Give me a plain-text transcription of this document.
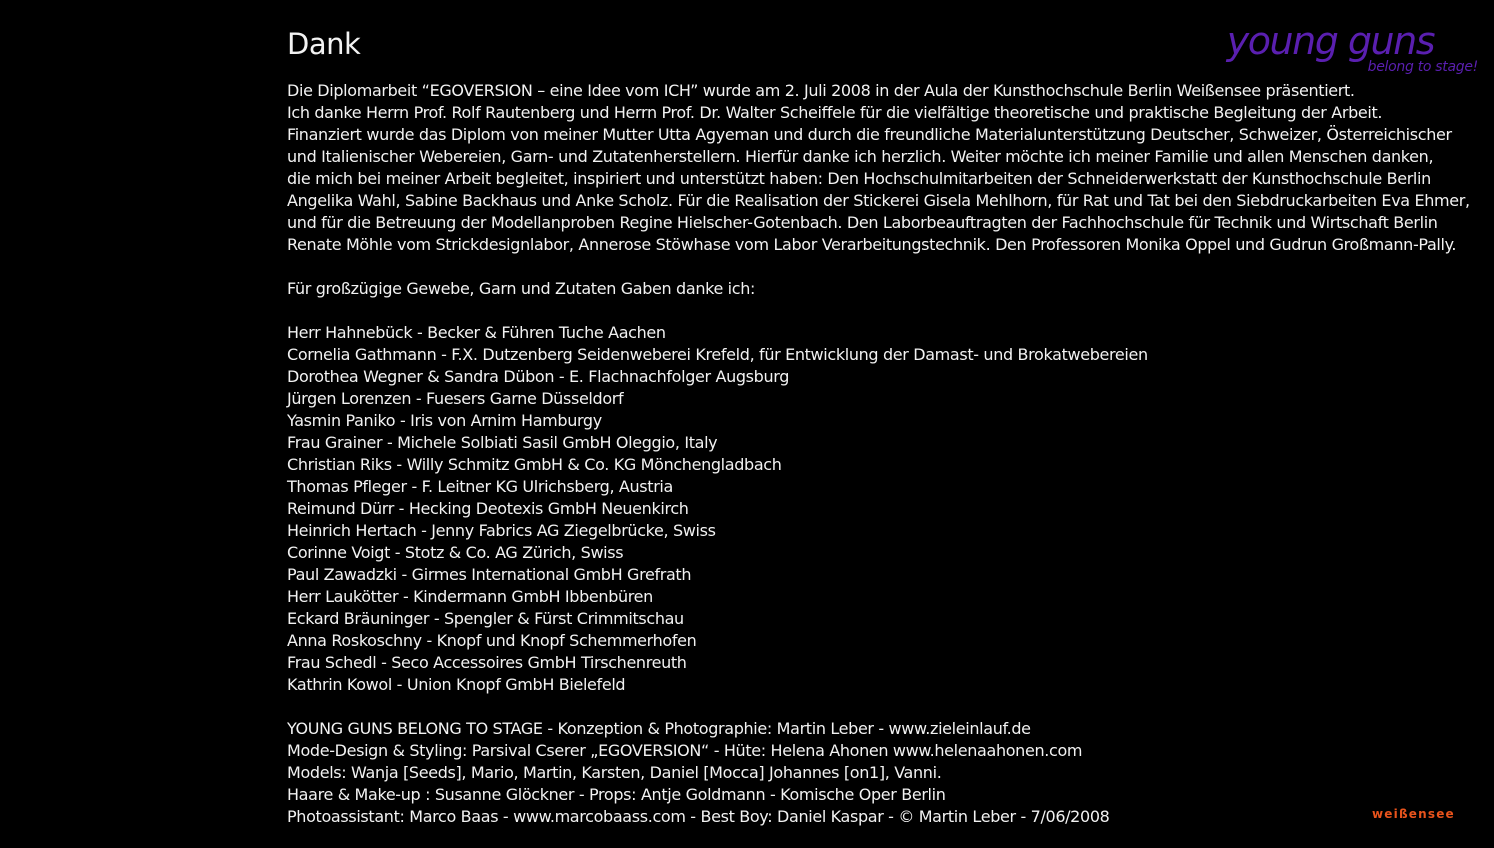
Dank	young guns
belong to stage!
Die Diplomarbeit “EGOVERSION – eine Idee vom ICH” wurde am 2. Juli 2008 in der Aula der Kunsthochschule Berlin Weißensee präsentiert.
Ich danke Herrn Prof. Rolf Rautenberg und Herrn Prof. Dr. Walter Scheiffele für die vielfältige theoretische und praktische Begleitung der Arbeit.
Finanziert wurde das Diplom von meiner Mutter Utta Agyeman und durch die freundliche Materialunterstützung Deutscher, Schweizer, Österreichischer
und Italienischer Webereien, Garn- und Zutatenherstellern. Hierfür danke ich herzlich. Weiter möchte ich meiner Familie und allen Menschen danken,
die mich bei meiner Arbeit begleitet, inspiriert und unterstützt haben: Den Hochschulmitarbeiten der Schneiderwerkstatt der Kunsthochschule Berlin
Angelika Wahl, Sabine Backhaus und Anke Scholz. Für die Realisation der Stickerei Gisela Mehlhorn, für Rat und Tat bei den Siebdruckarbeiten Eva Ehmer,
und für die Betreuung der Modellanproben Regine Hielscher-Gotenbach. Den Laborbeauftragten der Fachhochschule für Technik und Wirtschaft Berlin
Renate Möhle vom Strickdesignlabor, Annerose Stöwhase vom Labor Verarbeitungstechnik. Den Professoren Monika Oppel und Gudrun Großmann-Pally.
Für großzügige Gewebe, Garn und Zutaten Gaben danke ich:
Herr Hahnebück - Becker & Führen Tuche Aachen
Cornelia Gathmann - F.X. Dutzenberg Seidenweberei Krefeld, für Entwicklung der Damast- und Brokatwebereien
Dorothea Wegner & Sandra Dübon - E. Flachnachfolger Augsburg
Jürgen Lorenzen - Fuesers Garne Düsseldorf
Yasmin Paniko - Iris von Arnim Hamburgy
Frau Grainer - Michele Solbiati Sasil GmbH Oleggio, Italy
Christian Riks - Willy Schmitz GmbH & Co. KG Mönchengladbach
Thomas Pfleger - F. Leitner KG Ulrichsberg, Austria
Reimund Dürr - Hecking Deotexis GmbH Neuenkirch
Heinrich Hertach - Jenny Fabrics AG Ziegelbrücke, Swiss
Corinne Voigt - Stotz & Co. AG Zürich, Swiss
Paul Zawadzki - Girmes International GmbH Grefrath
Herr Laukötter - Kindermann GmbH Ibbenbüren
Eckard Bräuninger - Spengler & Fürst Crimmitschau
Anna Roskoschny - Knopf und Knopf Schemmerhofen
Frau Schedl - Seco Accessoires GmbH Tirschenreuth
Kathrin Kowol - Union Knopf GmbH Bielefeld
YOUNG GUNS BELONG TO STAGE - Konzeption & Photographie: Martin Leber - www.zieleinlauf.de
Mode-Design & Styling: Parsival Cserer „EGOVERSION“ - Hüte: Helena Ahonen www.helenaahonen.com
Models: Wanja [Seeds], Mario, Martin, Karsten, Daniel [Mocca] Johannes [on1], Vanni.
Haare & Make-up : Susanne Glöckner - Props: Antje Goldmann - Komische Oper Berlin
Photoassistant: Marco Baas - www.marcobaass.com - Best Boy: Daniel Kaspar - © Martin Leber - 7/06/2008	weißensee
